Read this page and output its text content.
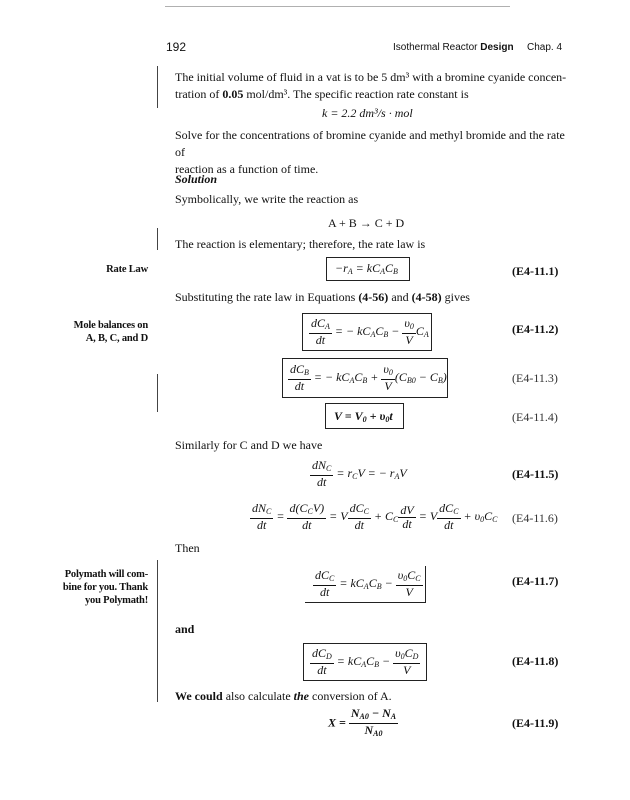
192	Isothermal Reactor Design Chap. 4
The initial volume of fluid in a vat is to be 5 dm³ with a bromine cyanide concen-
tration of 0.05 mol/dm³. The specific reaction rate constant is
k = 2.2 dm³/s · mol
Solve for the concentrations of bromine cyanide and methyl bromide and the rate of
reaction as a function of time.
Solution
Symbolically, we write the reaction as
A + B → C + D
The reaction is elementary; therefore, the rate law is
Rate Law
Mole balances on
A, B, C, and D
Polymath will com-
bine for you. Thank
you Polymath!
$-r_A = kC_AC_B$	(E4-11.1)
Substituting the rate law in Equations (4-56) and (4-58) gives
$\frac{dC_A}{dt}$ = − $kC_AC_B - \frac{\upsilon_0}{V} C_A$	(E4-11.2)
$\frac{dC_B}{dt}$ = − $kC_AC_B + \frac{\upsilon_0}{V} (C_{B0} - C_B)$	(E4-11.3)
$V = V_0 + \upsilon_0t$	(E4-11.4)
Similarly for C and D we have
$\frac{dN_C}{dt} = r_CV$ = − $r_AV$	(E4-11.5)
$\frac{dN_C}{dt} = \frac{d(C_CV)}{dt} = V \frac{dC_C}{dt} + C_C \frac{dV}{dt} = V \frac{dC_C}{dt} + \upsilon_0C_C$ (E4-11.6)
Then
$\frac{dC_C}{dt} = kC_AC_B - \frac{\upsilon_0C_C}{V}$	(E4-11.7)
and
$\frac{dC_D}{dt} = kC_AC_B - \frac{\upsilon_0C_D}{V}$	(E4-11.8)
We could also calculate the conversion of A.
$X = \frac{N_{A0} - N_A}{N_{A0}}$	(E4-11.9)
